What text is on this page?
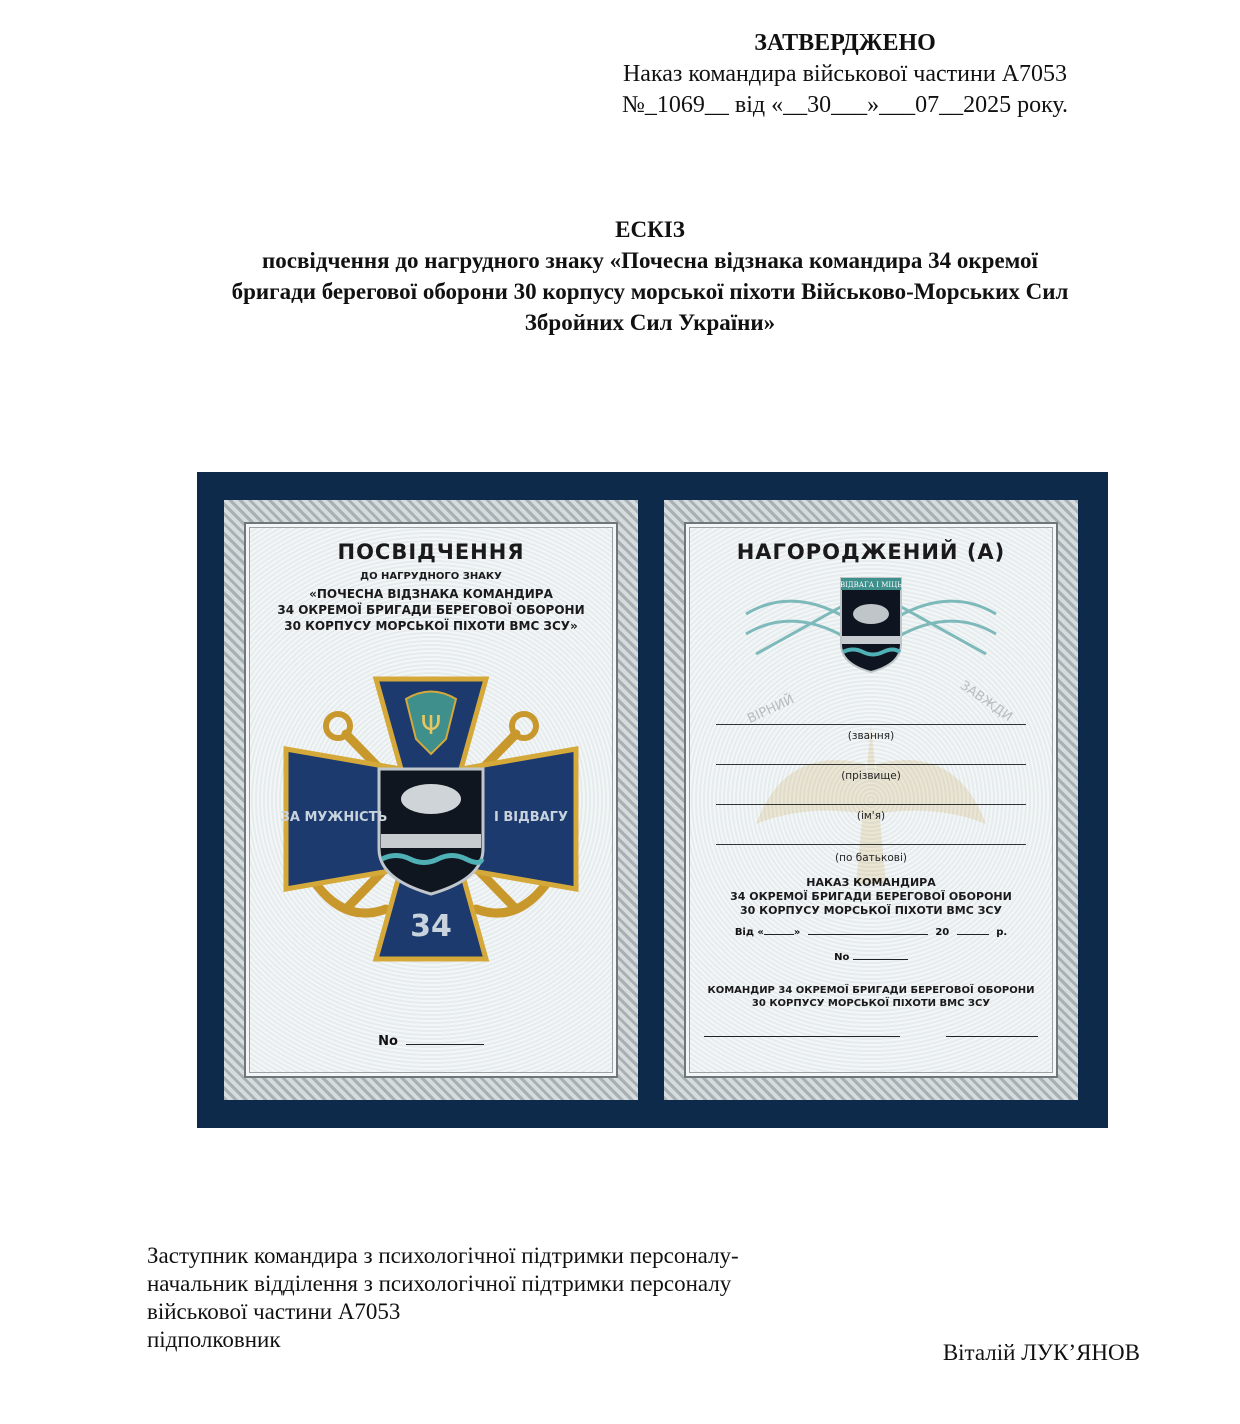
ЗАТВЕРДЖЕНО
Наказ командира військової частини А7053
№_1069__ від «__30___»___07__2025 року.
ЕСКІЗ
посвідчення до нагрудного знаку «Почесна відзнака командира 34 окремої
бригади берегової оборони 30 корпусу морської піхоти Військово-Морських Сил
Збройних Сил України»
ПОСВІДЧЕННЯ
ДО НАГРУДНОГО ЗНАКУ
«ПОЧЕСНА ВІДЗНАКА КОМАНДИРА
34 ОКРЕМОЇ БРИГАДИ БЕРЕГОВОЇ ОБОРОНИ
30 КОРПУСУ МОРСЬКОЇ ПІХОТИ ВМС ЗСУ»
Ψ
ЗА МУЖНІСТЬ	І ВІДВАГУ
34
No
НАГОРОДЖЕНИЙ (А)
ВІДВАГА І МІЦЬ
ВІРНИЙ	ЗАВЖДИ
(звання)
(прізвище)
(ім'я)
(по батькові)
НАКАЗ КОМАНДИРА
34 ОКРЕМОЇ БРИГАДИ БЕРЕГОВОЇ ОБОРОНИ
30 КОРПУСУ МОРСЬКОЇ ПІХОТИ ВМС ЗСУ
Від «	»	20	р.
No
КОМАНДИР 34 ОКРЕМОЇ БРИГАДИ БЕРЕГОВОЇ ОБОРОНИ
30 КОРПУСУ МОРСЬКОЇ ПІХОТИ ВМС ЗСУ
Заступник командира з психологічної підтримки персоналу-
начальник відділення з психологічної підтримки персоналу
військової частини А7053
підполковник
Віталій ЛУК’ЯНОВ
